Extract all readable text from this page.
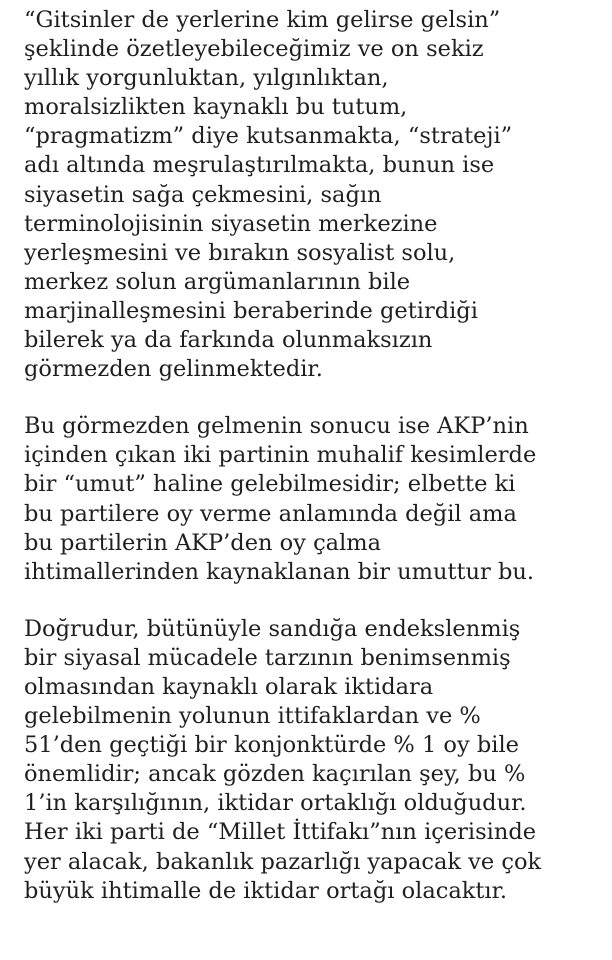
“Gitsinler de yerlerine kim gelirse gelsin”
şeklinde özetleyebileceğimiz ve on sekiz
yıllık yorgunluktan, yılgınlıktan,
moralsizlikten kaynaklı bu tutum,
“pragmatizm” diye kutsanmakta, “strateji”
adı altında meşrulaştırılmakta, bunun ise
siyasetin sağa çekmesini, sağın
terminolojisinin siyasetin merkezine
yerleşmesini ve bırakın sosyalist solu,
merkez solun argümanlarının bile
marjinalleşmesini beraberinde getirdiği
bilerek ya da farkında olunmaksızın
görmezden gelinmektedir.

Bu görmezden gelmenin sonucu ise AKP’nin
içinden çıkan iki partinin muhalif kesimlerde
bir “umut” haline gelebilmesidir; elbette ki
bu partilere oy verme anlamında değil ama
bu partilerin AKP’den oy çalma
ihtimallerinden kaynaklanan bir umuttur bu.

Doğrudur, bütünüyle sandığa endekslenmiş
bir siyasal mücadele tarzının benimsenmiş
olmasından kaynaklı olarak iktidara
gelebilmenin yolunun ittifaklardan ve %
51’den geçtiği bir konjonktürde % 1 oy bile
önemlidir; ancak gözden kaçırılan şey, bu %
1’in karşılığının, iktidar ortaklığı olduğudur.
Her iki parti de “Millet İttifakı”nın içerisinde
yer alacak, bakanlık pazarlığı yapacak ve çok
büyük ihtimalle de iktidar ortağı olacaktır.
